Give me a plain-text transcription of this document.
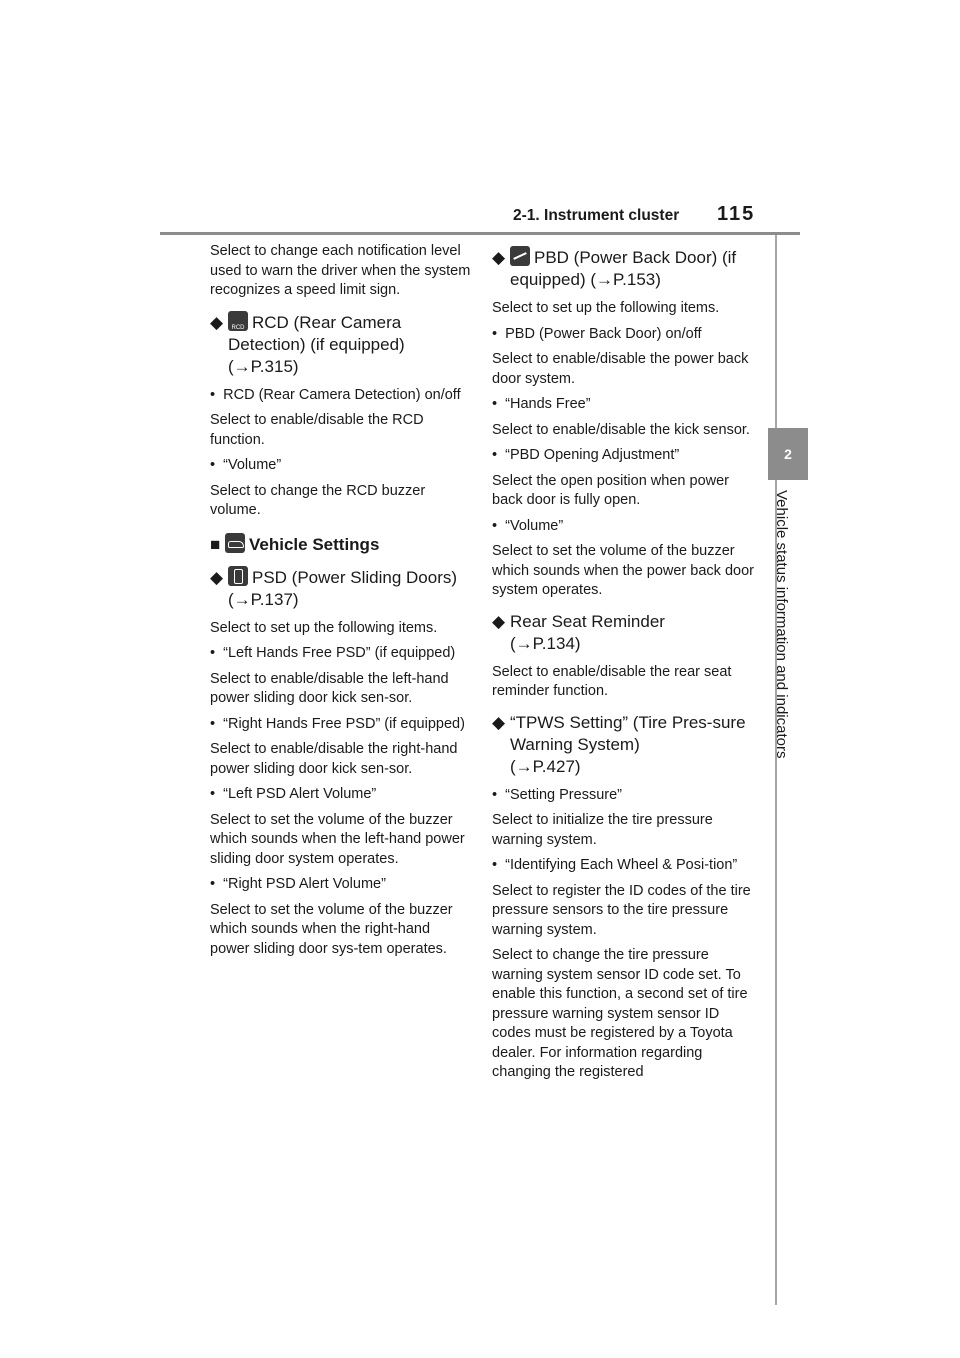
2-1. Instrument cluster 115
2
Vehicle status information and indicators

Select to change each notification level used to warn the driver when the system recognizes a speed limit sign.

◆RCD RCD (Rear Camera Detection) (if equipped)
(→P.315)

• RCD (Rear Camera Detection) on/off

Select to enable/disable the RCD function.

• “Volume”

Select to change the RCD buzzer volume.

■ Vehicle Settings
◆ PSD (Power Sliding Doors) (→P.137)

Select to set up the following items.

• “Left Hands Free PSD” (if equipped)

Select to enable/disable the left-hand power sliding door kick sen-sor.

• “Right Hands Free PSD” (if equipped)

Select to enable/disable the right-hand power sliding door kick sen-sor.

• “Left PSD Alert Volume”

Select to set the volume of the buzzer which sounds when the left-hand power sliding door system operates.

• “Right PSD Alert Volume”

Select to set the volume of the buzzer which sounds when the right-hand power sliding door sys-tem operates.

◆ PBD (Power Back Door) (if equipped) (→P.153)

Select to set up the following items.

• PBD (Power Back Door) on/off

Select to enable/disable the power back door system.

• “Hands Free”

Select to enable/disable the kick sensor.

• “PBD Opening Adjustment”

Select the open position when power back door is fully open.

• “Volume”

Select to set the volume of the buzzer which sounds when the power back door system operates.

◆ Rear Seat Reminder
(→P.134)

Select to enable/disable the rear seat reminder function.

◆ “TPWS Setting” (Tire Pres-sure Warning System)
(→P.427)

• “Setting Pressure”

Select to initialize the tire pressure warning system.

• “Identifying Each Wheel & Posi-tion”

Select to register the ID codes of the tire pressure sensors to the tire pressure warning system.

Select to change the tire pressure warning system sensor ID code set. To enable this function, a second set of tire pressure warning system sensor ID codes must be registered by a Toyota dealer. For information regarding changing the registered
